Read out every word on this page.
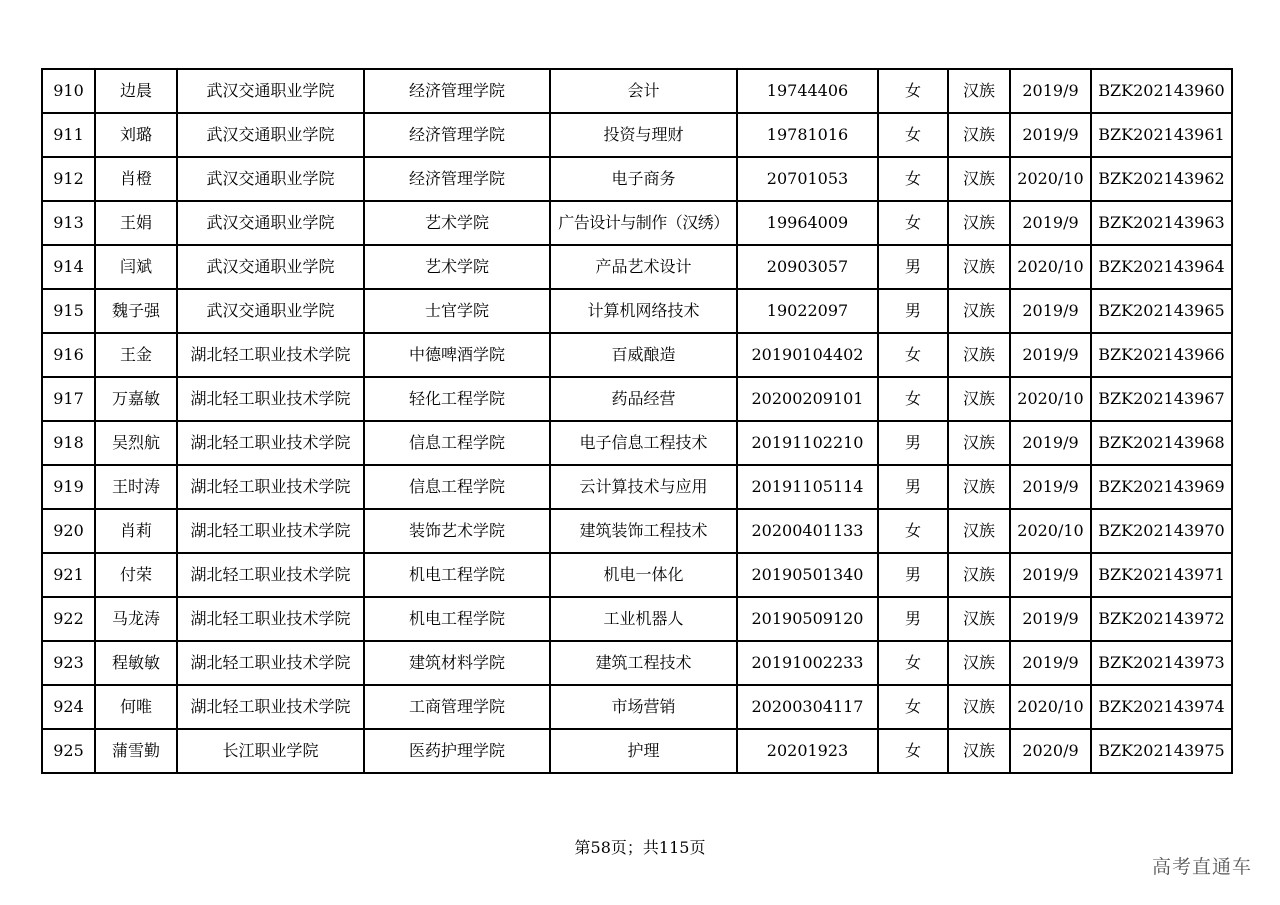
910	边晨	武汉交通职业学院	经济管理学院	会计	19744406	女	汉族	2019/9	BZK202143960
911	刘璐	武汉交通职业学院	经济管理学院	投资与理财	19781016	女	汉族	2019/9	BZK202143961
912	肖橙	武汉交通职业学院	经济管理学院	电子商务	20701053	女	汉族	2020/10	BZK202143962
913	王娟	武汉交通职业学院	艺术学院	广告设计与制作（汉绣）	19964009	女	汉族	2019/9	BZK202143963
914	闫斌	武汉交通职业学院	艺术学院	产品艺术设计	20903057	男	汉族	2020/10	BZK202143964
915	魏子强	武汉交通职业学院	士官学院	计算机网络技术	19022097	男	汉族	2019/9	BZK202143965
916	王金	湖北轻工职业技术学院	中德啤酒学院	百威酿造	20190104402	女	汉族	2019/9	BZK202143966
917	万嘉敏	湖北轻工职业技术学院	轻化工程学院	药品经营	20200209101	女	汉族	2020/10	BZK202143967
918	吴烈航	湖北轻工职业技术学院	信息工程学院	电子信息工程技术	20191102210	男	汉族	2019/9	BZK202143968
919	王时涛	湖北轻工职业技术学院	信息工程学院	云计算技术与应用	20191105114	男	汉族	2019/9	BZK202143969
920	肖莉	湖北轻工职业技术学院	装饰艺术学院	建筑装饰工程技术	20200401133	女	汉族	2020/10	BZK202143970
921	付荣	湖北轻工职业技术学院	机电工程学院	机电一体化	20190501340	男	汉族	2019/9	BZK202143971
922	马龙涛	湖北轻工职业技术学院	机电工程学院	工业机器人	20190509120	男	汉族	2019/9	BZK202143972
923	程敏敏	湖北轻工职业技术学院	建筑材料学院	建筑工程技术	20191002233	女	汉族	2019/9	BZK202143973
924	何唯	湖北轻工职业技术学院	工商管理学院	市场营销	20200304117	女	汉族	2020/10	BZK202143974
925	蒲雪勤	长江职业学院	医药护理学院	护理	20201923	女	汉族	2020/9	BZK202143975
第58页；共115页
高考直通车
